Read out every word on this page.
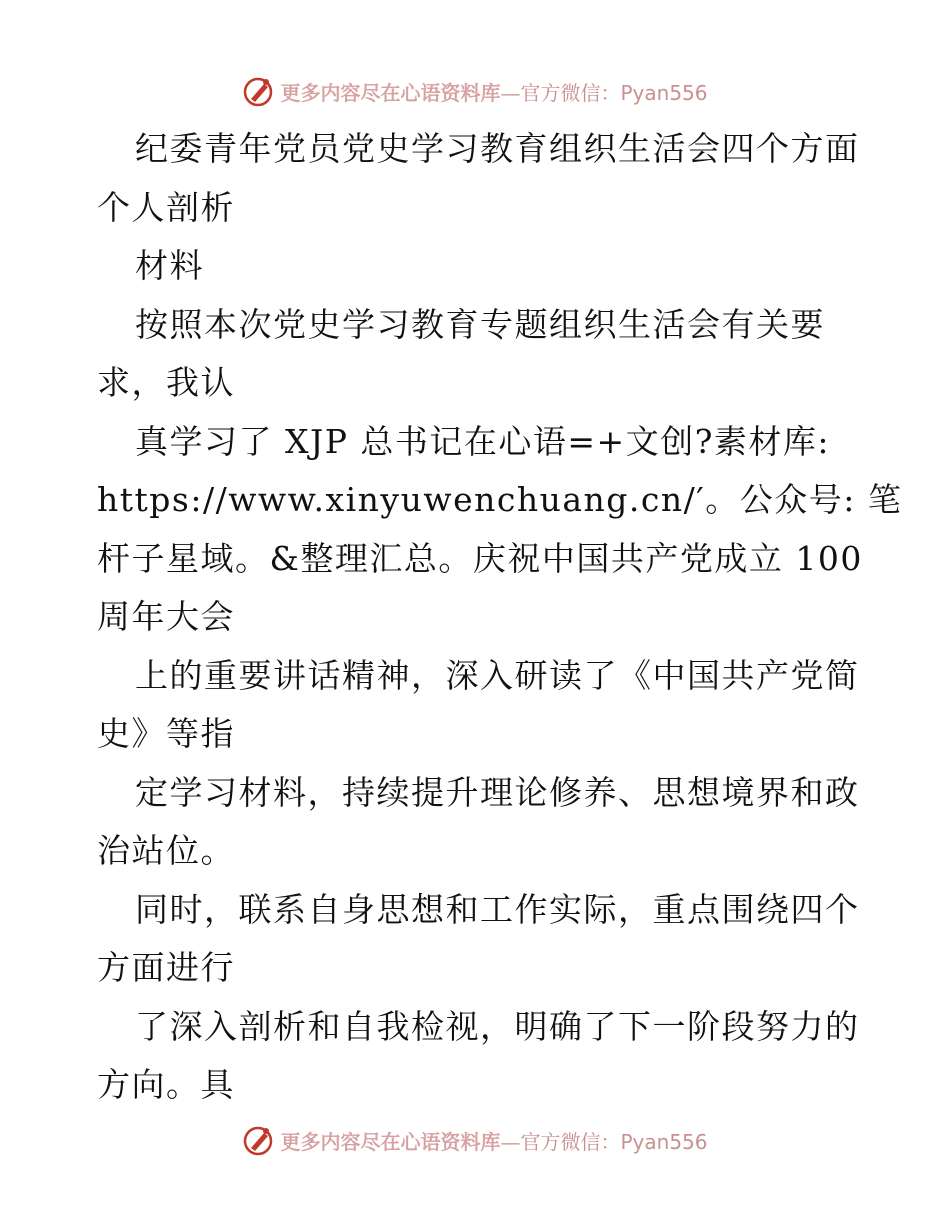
更多内容尽在心语资料库—官方微信：Pyan556
纪委青年党员党史学习教育组织生活会四个方面
个人剖析
材料
按照本次党史学习教育专题组织生活会有关要
求，我认
真学习了 XJP 总书记在心语=+文创?素材库:
https://www.xinyuwenchuang.cn/′。公众号: 笔
杆子星域。&整理汇总。庆祝中国共产党成立 100
周年大会
上的重要讲话精神，深入研读了《中国共产党简
史》等指
定学习材料，持续提升理论修养、思想境界和政
治站位。
同时，联系自身思想和工作实际，重点围绕四个
方面进行
了深入剖析和自我检视，明确了下一阶段努力的
方向。具
更多内容尽在心语资料库—官方微信：Pyan556
